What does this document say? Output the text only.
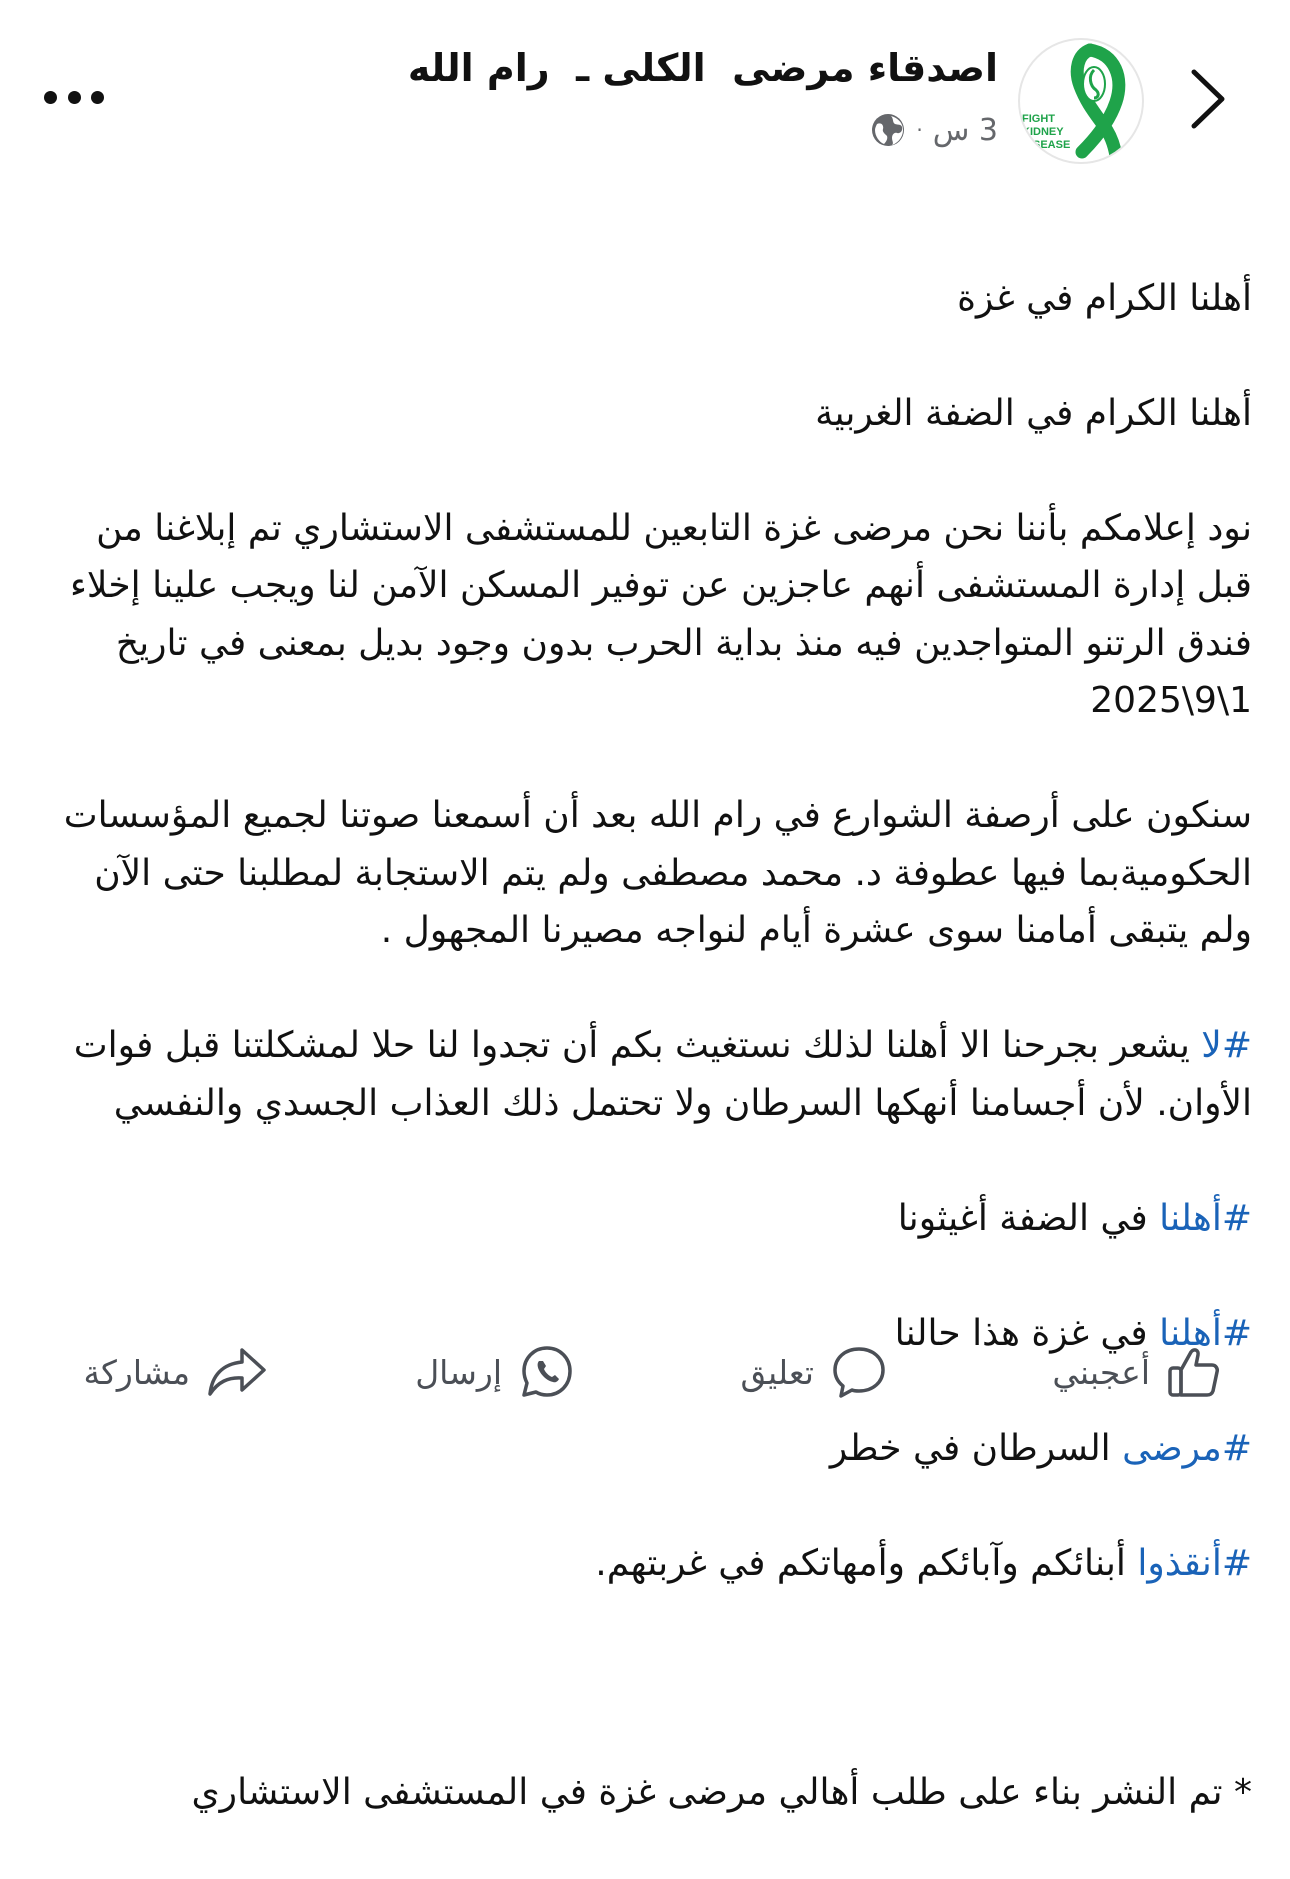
FIGHT
KIDNEY
DISEASE
اصدقاء مرضى  الكلى ـ  رام الله
3 س
·

أهلنا الكرام في غزة

أهلنا الكرام في الضفة الغربية

نود إعلامكم بأننا نحن مرضى غزة التابعين للمستشفى الاستشاري تم إبلاغنا من قبل إدارة المستشفى أنهم عاجزين عن توفير المسكن الآمن لنا ويجب علينا إخلاء فندق الرتنو المتواجدين فيه منذ بداية الحرب بدون وجود بديل بمعنى في تاريخ 1\9\2025

سنكون على أرصفة الشوارع في رام الله بعد أن أسمعنا صوتنا لجميع المؤسسات الحكوميةبما فيها عطوفة د. محمد مصطفى ولم يتم الاستجابة لمطلبنا حتى الآن ولم يتبقى أمامنا سوى عشرة أيام لنواجه مصيرنا المجهول .

#لا يشعر بجرحنا الا أهلنا لذلك نستغيث بكم أن تجدوا لنا حلا لمشكلتنا قبل فوات الأوان. لأن أجسامنا أنهكها السرطان ولا تحتمل ذلك العذاب الجسدي والنفسي

#أهلنا في الضفة أغيثونا

#أهلنا في غزة هذا حالنا

#مرضى السرطان في خطر

#أنقذوا أبنائكم وآبائكم وأمهاتكم في غربتهم.

* تم النشر بناء على طلب أهالي مرضى غزة في المستشفى الاستشاري

أعجبني
تعليق
إرسال
مشاركة
